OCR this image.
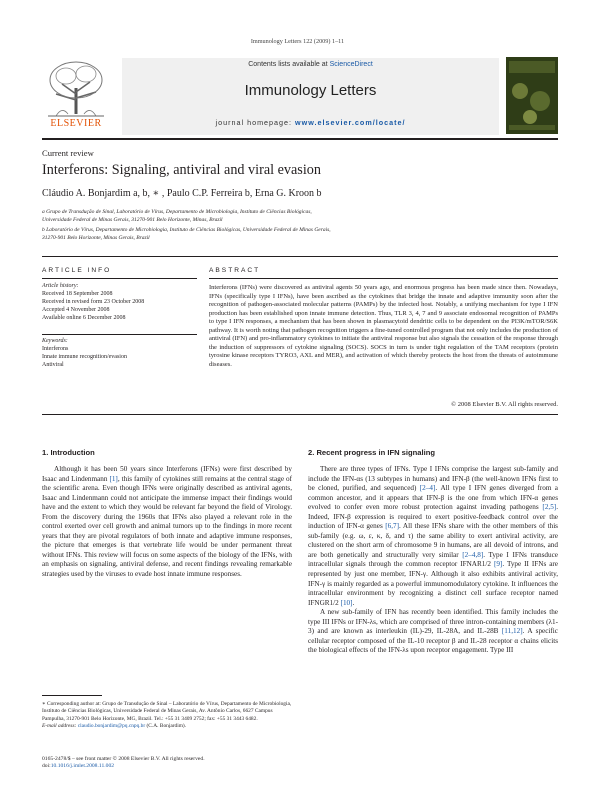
Immunology Letters 122 (2009) 1–11
ELSEVIER
Contents lists available at ScienceDirect
Immunology Letters
journal homepage: www.elsevier.com/locate/
Current review
Interferons: Signaling, antiviral and viral evasion
Cláudio A. Bonjardim a, b, ∗ , Paulo C.P. Ferreira b, Erna G. Kroon b
a Grupo de Transdução de Sinal, Laboratório de Vírus, Departamento de Microbiologia, Instituto de Ciências Biológicas,
Universidade Federal de Minas Gerais, 31270-901 Belo Horizonte, Minas, Brazil
b Laboratório de Vírus, Departamento de Microbiologia, Instituto de Ciências Biológicas, Universidade Federal de Minas Gerais,
31270-901 Belo Horizonte, Minas Gerais, Brazil
ARTICLE INFO
Article history:
Received 18 September 2008
Received in revised form 23 October 2008
Accepted 4 November 2008
Available online 6 December 2008
Keywords:
Interferons
Innate immune recognition/evasion
Antiviral
ABSTRACT
Interferons (IFNs) were discovered as antiviral agents 50 years ago, and enormous progress has been made since then. Nowadays, IFNs (specifically type I IFNs), have been ascribed as the cytokines that bridge the innate and adaptive immunity soon after the recognition of pathogen-associated molecular patterns (PAMPs) by the infected host. Notably, a unifying mechanism for type I IFN production has been established upon innate immune detection. Thus, TLR 3, 4, 7 and 9 associate endosomal recognition of PAMPs to type I IFN responses, a mechanism that has been shown in plasmacytoid dendritic cells to be dependent on the PI3K/mTOR/S6K pathway. It is worth noting that pathogen recognition triggers a fine-tuned controlled program that not only includes the production of antiviral (IFN) and pro-inflammatory cytokines to initiate the antiviral response but also signals the cessation of the response through the induction of suppressors of cytokine signaling (SOCS). SOCS in turn is under tight regulation of the TAM receptors (protein tyrosine kinase receptors TYRO3, AXL and MER), and activation of which thereby protects the host from the threats of autoimmune diseases.
© 2008 Elsevier B.V. All rights reserved.
1. Introduction

Although it has been 50 years since Interferons (IFNs) were first described by Isaac and Lindenmann [1], this family of cytokines still remains at the central stage of the scientific arena. Even though IFNs were originally described as antiviral agents, Isaac and Lindenmann could not anticipate the immense impact their findings would have and the extent to which they would be relevant far beyond the field of Virology. From the discovery during the 1960s that IFNs also played a relevant role in the control exerted over cell growth and animal tumors up to the findings in more recent years that they are pivotal regulators of both innate and adaptive immune responses, the picture that emerges is that vertebrate life would be under permanent threat without IFNs. This review will focus on some aspects of the biology of the IFNs, with an emphasis on signaling, antiviral defense, and recent findings revealing remarkable strategies used by the viruses to evade host innate immune responses.

2. Recent progress in IFN signaling

There are three types of IFNs. Type I IFNs comprise the largest sub-family and include the IFN-αs (13 subtypes in humans) and IFN-β (the well-known IFNs first to be cloned, purified, and sequenced) [2–4]. All type I IFN genes diverged from a common ancestor, and it appears that IFN-β is the one from which IFN-α genes evolved to confer even more robust protection against invading pathogens [2,5]. Indeed, IFN-β expression is required to exert positive-feedback control over the induction of IFN-α genes [6,7]. All these IFNs share with the other members of this sub-family (e.g. ω, ε, κ, δ, and τ) the same ability to exert antiviral activity, are clustered on the short arm of chromosome 9 in humans, are all devoid of introns, and are both genetically and structurally very similar [2–4,8]. Type I IFNs transduce intracellular signals through the common receptor IFNAR1/2 [9]. Type II IFNs are represented by just one member, IFN-γ. Although it also exhibits antiviral activity, IFN-γ is mainly regarded as a powerful immunomodulatory cytokine. It influences the intracellular environment by recognizing a distinct cell surface receptor named IFNGR1/2 [10].

A new sub-family of IFN has recently been identified. This family includes the type III IFNs or IFN-λs, which are comprised of three intron-containing members (λ1-3) and are known as interleukin (IL)-29, IL-28A, and IL-28B [11,12]. A specific cellular receptor composed of the IL-10 receptor β and IL-28 receptor α chains elicits the biological effects of the IFN-λs upon receptor engagement. Type III

∗ Corresponding author at: Grupo de Transdução de Sinal – Laboratório de Vírus, Departamento de Microbiologia, Instituto de Ciências Biológicas, Universidade Federal de Minas Gerais, Av. Antônio Carlos, 6627 Campus Pampulha, 31270-901 Belo Horizonte, MG, Brazil. Tel.: +55 31 3409 2752; fax: +55 31 3443 6482.
E-mail address: claudio.bonjardim@pq.cnpq.br (C.A. Bonjardim).
0165-2478/$ – see front matter © 2008 Elsevier B.V. All rights reserved.
doi:10.1016/j.imlet.2008.11.002
